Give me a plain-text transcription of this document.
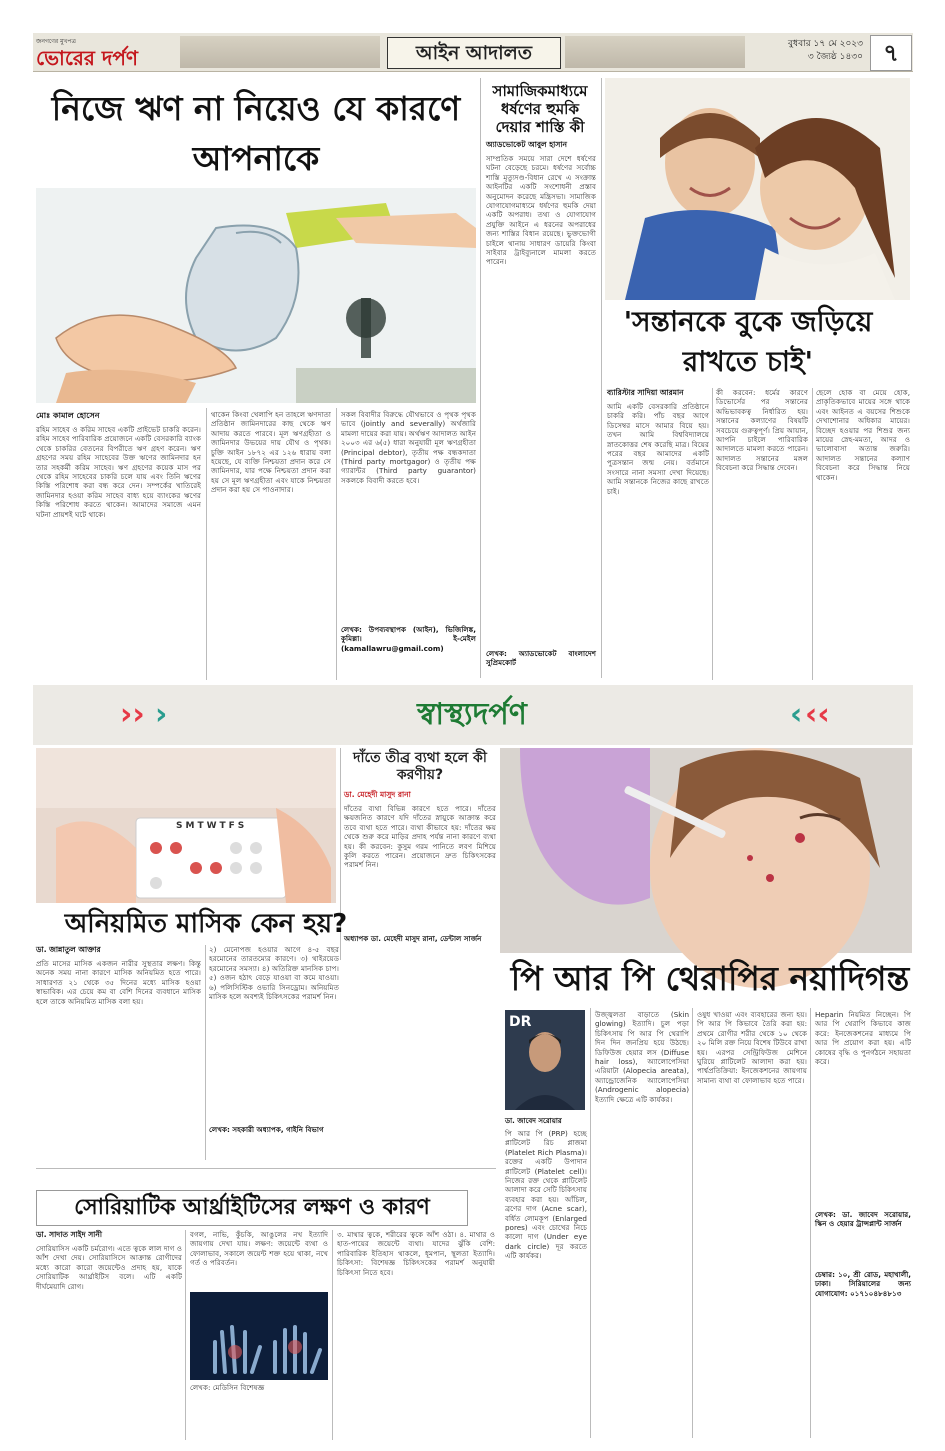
জনগণের মুখপত্র
ভোরের দর্পণ	আইন আদালত	বুধবার ১৭ মে ২০২৩
৩ জ্যৈষ্ঠ ১৪৩০ ৭
নিজে ঋণ না নিয়েও যে কারণে আপনাকে
মোঃ কামাল হোসেন
রহিম সাহেব ও করিম সাহেব একটি প্রাইভেট চাকরি করেন। রহিম সাহেব পারিবারিক প্রয়োজনে একটি বেসরকারি ব্যাংক থেকে চাকরির বেতনের বিপরীতে ঋণ গ্রহণ করেন। ঋণ গ্রহণের সময় রহিম সাহেবের উক্ত ঋণের জামিনদার হন তার সহকর্মী করিম সাহেব। ঋণ গ্রহণের কয়েক মাস পর থেকে রহিম সাহেবের চাকরি চলে যায় এবং তিনি ঋণের কিস্তি পরিশোধ করা বন্ধ করে দেন। সম্পর্কের খাতিরেই জামিনদার হওয়া করিম সাহেব বাধ্য হয়ে ব্যাংকের ঋণের কিস্তি পরিশোধ করতে থাকেন। আমাদের সমাজে এমন ঘটনা প্রায়শই ঘটে থাকে।
থাকেন কিংবা খেলাপি হন তাহলে ঋণদাতা প্রতিষ্ঠান জামিনদারের কাছ থেকে ঋণ আদায় করতে পারবে। মূল ঋণগ্রহীতা ও জামিনদার উভয়ের দায় যৌথ ও পৃথক। চুক্তি আইন ১৮৭২ এর ১২৬ ধারায় বলা হয়েছে, যে ব্যক্তি নিশ্চয়তা প্রদান করে সে জামিনদার, যার পক্ষে নিশ্চয়তা প্রদান করা হয় সে মূল ঋণগ্রহীতা এবং যাকে নিশ্চয়তা প্রদান করা হয় সে পাওনাদার।
সকল বিবাদীর বিরুদ্ধে যৌথভাবে ও পৃথক পৃথক ভাবে (jointly and severally) অর্থজারি মামলা দায়ের করা যায়। অর্থঋণ আদালত আইন ২০০৩ এর ৬(৫) ধারা অনুযায়ী মূল ঋণগ্রহীতা (Principal debtor), তৃতীয় পক্ষ বন্ধকদাতা (Third party mortgagor) ও তৃতীয় পক্ষ গ্যারান্টর (Third party guarantor) সকলকে বিবাদী করতে হবে।
লেখক: উপব্যবস্থাপক (আইন), ভিজিলিঙ্ক, কুমিল্লা। ই-মেইল (kamallawru@gmail.com)
সামাজিকমাধ্যমে ধর্ষণের হুমকি দেয়ার শাস্তি কী
অ্যাডভোকেট আবুল হাসান
সাম্প্রতিক সময়ে সারা দেশে ধর্ষণের ঘটনা বেড়েছে চরমে। ধর্ষণের সর্বোচ্চ শাস্তি মৃত্যুদণ্ড-বিধান রেখে এ সংক্রান্ত আইনটির একটি সংশোধনী প্রস্তাব অনুমোদন করেছে মন্ত্রিসভা। সামাজিক যোগাযোগমাধ্যমে ধর্ষণের হুমকি দেয়া একটি অপরাধ। তথ্য ও যোগাযোগ প্রযুক্তি আইনে এ ধরনের অপরাধের জন্য শাস্তির বিধান রয়েছে। ভুক্তভোগী চাইলে থানায় সাধারণ ডায়েরি কিংবা সাইবার ট্রাইব্যুনালে মামলা করতে পারেন।
লেখক: অ্যাডভোকেট বাংলাদেশ সুপ্রিমকোর্ট
'সন্তানকে বুকে জড়িয়ে রাখতে চাই'
ব্যারিস্টার সাদিয়া আরমান
আমি একটি বেসরকারি প্রতিষ্ঠানে চাকরি করি। পাঁচ বছর আগে ডিসেম্বর মাসে আমার বিয়ে হয়। তখন আমি বিশ্ববিদ্যালয়ে স্নাতকোত্তর শেষ করেছি মাত্র। বিয়ের পরের বছর আমাদের একটি পুত্রসন্তান জন্ম নেয়। বর্তমানে সংসারে নানা সমস্যা দেখা দিয়েছে। আমি সন্তানকে নিজের কাছে রাখতে চাই।
কী করবেন: ধর্মের কারণে ডিভোর্সের পর সন্তানের অভিভাবকত্ব নির্ধারিত হয়। সন্তানের কল্যাণের বিষয়টি সবচেয়ে গুরুত্বপূর্ণ। প্রিয় আয়ান, আপনি চাইলে পারিবারিক আদালতে মামলা করতে পারেন। আদালত সন্তানের মঙ্গল বিবেচনা করে সিদ্ধান্ত দেবেন।
ছেলে হোক বা মেয়ে হোক, প্রাকৃতিকভাবে মায়ের সঙ্গে থাকে এবং আইনত এ বয়সের শিশুকে দেখাশোনার অধিকার মায়ের। বিচ্ছেদ হওয়ার পর শিশুর জন্য মায়ের স্নেহ-মমতা, আদর ও ভালোবাসা অত্যন্ত জরুরি। আদালত সন্তানের কল্যাণ বিবেচনা করে সিদ্ধান্ত নিয়ে থাকেন।
›› ›	‹ ‹‹
স্বাস্থ্যদর্পণ
SMTWTFS
দাঁতে তীব্র ব্যথা হলে কী করণীয়?
ডা. মেহেদী মাসুদ রানা
দাঁতের ব্যথা বিভিন্ন কারণে হতে পারে। দাঁতের ক্ষয়জনিত কারণে যদি দাঁতের স্নায়ুকে আক্রান্ত করে তবে ব্যথা হতে পারে। ব্যথা কীভাবে হয়: দাঁতের ক্ষয় থেকে শুরু করে মাড়ির প্রদাহ পর্যন্ত নানা কারণে ব্যথা হয়। কী করবেন: কুসুম গরম পানিতে লবণ মিশিয়ে কুলি করতে পারেন। প্রয়োজনে দ্রুত চিকিৎসকের পরামর্শ নিন।
অধ্যাপক ডা. মেহেদী মাসুদ রানা, ডেন্টাল সার্জন
অনিয়মিত মাসিক কেন হয়?
ডা. জান্নাতুল আক্তার
প্রতি মাসের মাসিক একজন নারীর সুস্থতার লক্ষণ। কিন্তু অনেক সময় নানা কারণে মাসিক অনিয়মিত হতে পারে। সাধারণত ২১ থেকে ৩৫ দিনের মধ্যে মাসিক হওয়া স্বাভাবিক। এর চেয়ে কম বা বেশি দিনের ব্যবধানে মাসিক হলে তাকে অনিয়মিত মাসিক বলা হয়।
২) মেনোপজ হওয়ার আগে ৪-৫ বছর হরমোনের তারতম্যের কারণে। ৩) থাইরয়েড হরমোনের সমস্যা। ৪) অতিরিক্ত মানসিক চাপ। ৫) ওজন হঠাৎ বেড়ে যাওয়া বা কমে যাওয়া। ৬) পলিসিস্টিক ওভারি সিনড্রোম। অনিয়মিত মাসিক হলে অবশ্যই চিকিৎসকের পরামর্শ নিন।
লেখক: সহকারী অধ্যাপক, গাইনি বিভাগ
পি আর পি থেরাপির নয়াদিগন্ত
DR
ডা. জাবেদ সরোয়ার
পি আর পি (PRP) হচ্ছে প্লাটিলেট রিচ প্লাজমা (Platelet Rich Plasma)। রক্তের একটি উপাদান প্লাটিলেট (Platelet cell)। নিজের রক্ত থেকে প্লাটিলেট আলাদা করে সেটি চিকিৎসায় ব্যবহার করা হয়। আঁচিল, ব্রণের দাগ (Acne scar), বর্ধিত লোমকূপ (Enlarged pores) এবং চোখের নিচে কালো দাগ (Under eye dark circle) দূর করতে এটি কার্যকর।
উজ্জ্বলতা বাড়াতে (Skin glowing) ইত্যাদি। চুল পড়া চিকিৎসায় পি আর পি থেরাপি দিন দিন জনপ্রিয় হয়ে উঠছে। ডিফিউজ হেয়ার লস (Diffuse hair loss), অ্যালোপেসিয়া এরিয়াটা (Alopecia areata), অ্যান্ড্রোজেনিক অ্যালোপেসিয়া (Androgenic alopecia) ইত্যাদি ক্ষেত্রে এটি কার্যকর।
ওষুধ খাওয়া এবং ব্যবহারের জন্য হয়। পি আর পি কিভাবে তৈরি করা হয়: প্রথমে রোগীর শরীর থেকে ১০ থেকে ২০ মিলি রক্ত নিয়ে বিশেষ টিউবে রাখা হয়। এরপর সেন্ট্রিফিউজ মেশিনে ঘুরিয়ে প্লাটিলেট আলাদা করা হয়। পার্শ্বপ্রতিক্রিয়া: ইনজেকশনের জায়গায় সামান্য ব্যথা বা ফোলাভাব হতে পারে।
Heparin নিয়মিত নিচ্ছেন। পি আর পি থেরাপি কিভাবে কাজ করে: ইনজেকশনের মাধ্যমে পি আর পি প্রয়োগ করা হয়। এটি কোষের বৃদ্ধি ও পুনর্গঠনে সহায়তা করে।
লেখক: ডা. জাবেদ সরোয়ার, স্কিন ও হেয়ার ট্রান্সপ্লান্ট সার্জন
চেম্বার: ১০, শ্রী রোড, মহাখালী, ঢাকা। সিরিয়ালের জন্য যোগাযোগ: ০১৭১০৪৮৪৮১৩
সোরিয়াটিক আর্থ্রাইটিসের লক্ষণ ও কারণ
ডা. সাদাত সাইদ সানী
সোরিয়াসিস একটি চর্মরোগ। এতে ত্বকে লাল দাগ ও আঁশ দেখা দেয়। সোরিয়াসিসে আক্রান্ত রোগীদের মধ্যে কারো কারো জয়েন্টেও প্রদাহ হয়, যাকে সোরিয়াটিক আর্থ্রাইটিস বলে। এটি একটি দীর্ঘমেয়াদি রোগ।
বগল, নাভি, কুঁচকি, আঙুলের নখ ইত্যাদি জায়গায় দেখা যায়। লক্ষণ: জয়েন্টে ব্যথা ও ফোলাভাব, সকালে জয়েন্ট শক্ত হয়ে থাকা, নখে গর্ত ও পরিবর্তন।
লেখক: মেডিসিন বিশেষজ্ঞ
৩. মাথার ত্বকে, শরীরের ত্বকে আঁশ ওঠা। ৪. মাথার ও হাত-পায়ের জয়েন্টে ব্যথা। যাদের ঝুঁকি বেশি: পারিবারিক ইতিহাস থাকলে, ধূমপান, স্থূলতা ইত্যাদি। চিকিৎসা: বিশেষজ্ঞ চিকিৎসকের পরামর্শ অনুযায়ী চিকিৎসা নিতে হবে।
